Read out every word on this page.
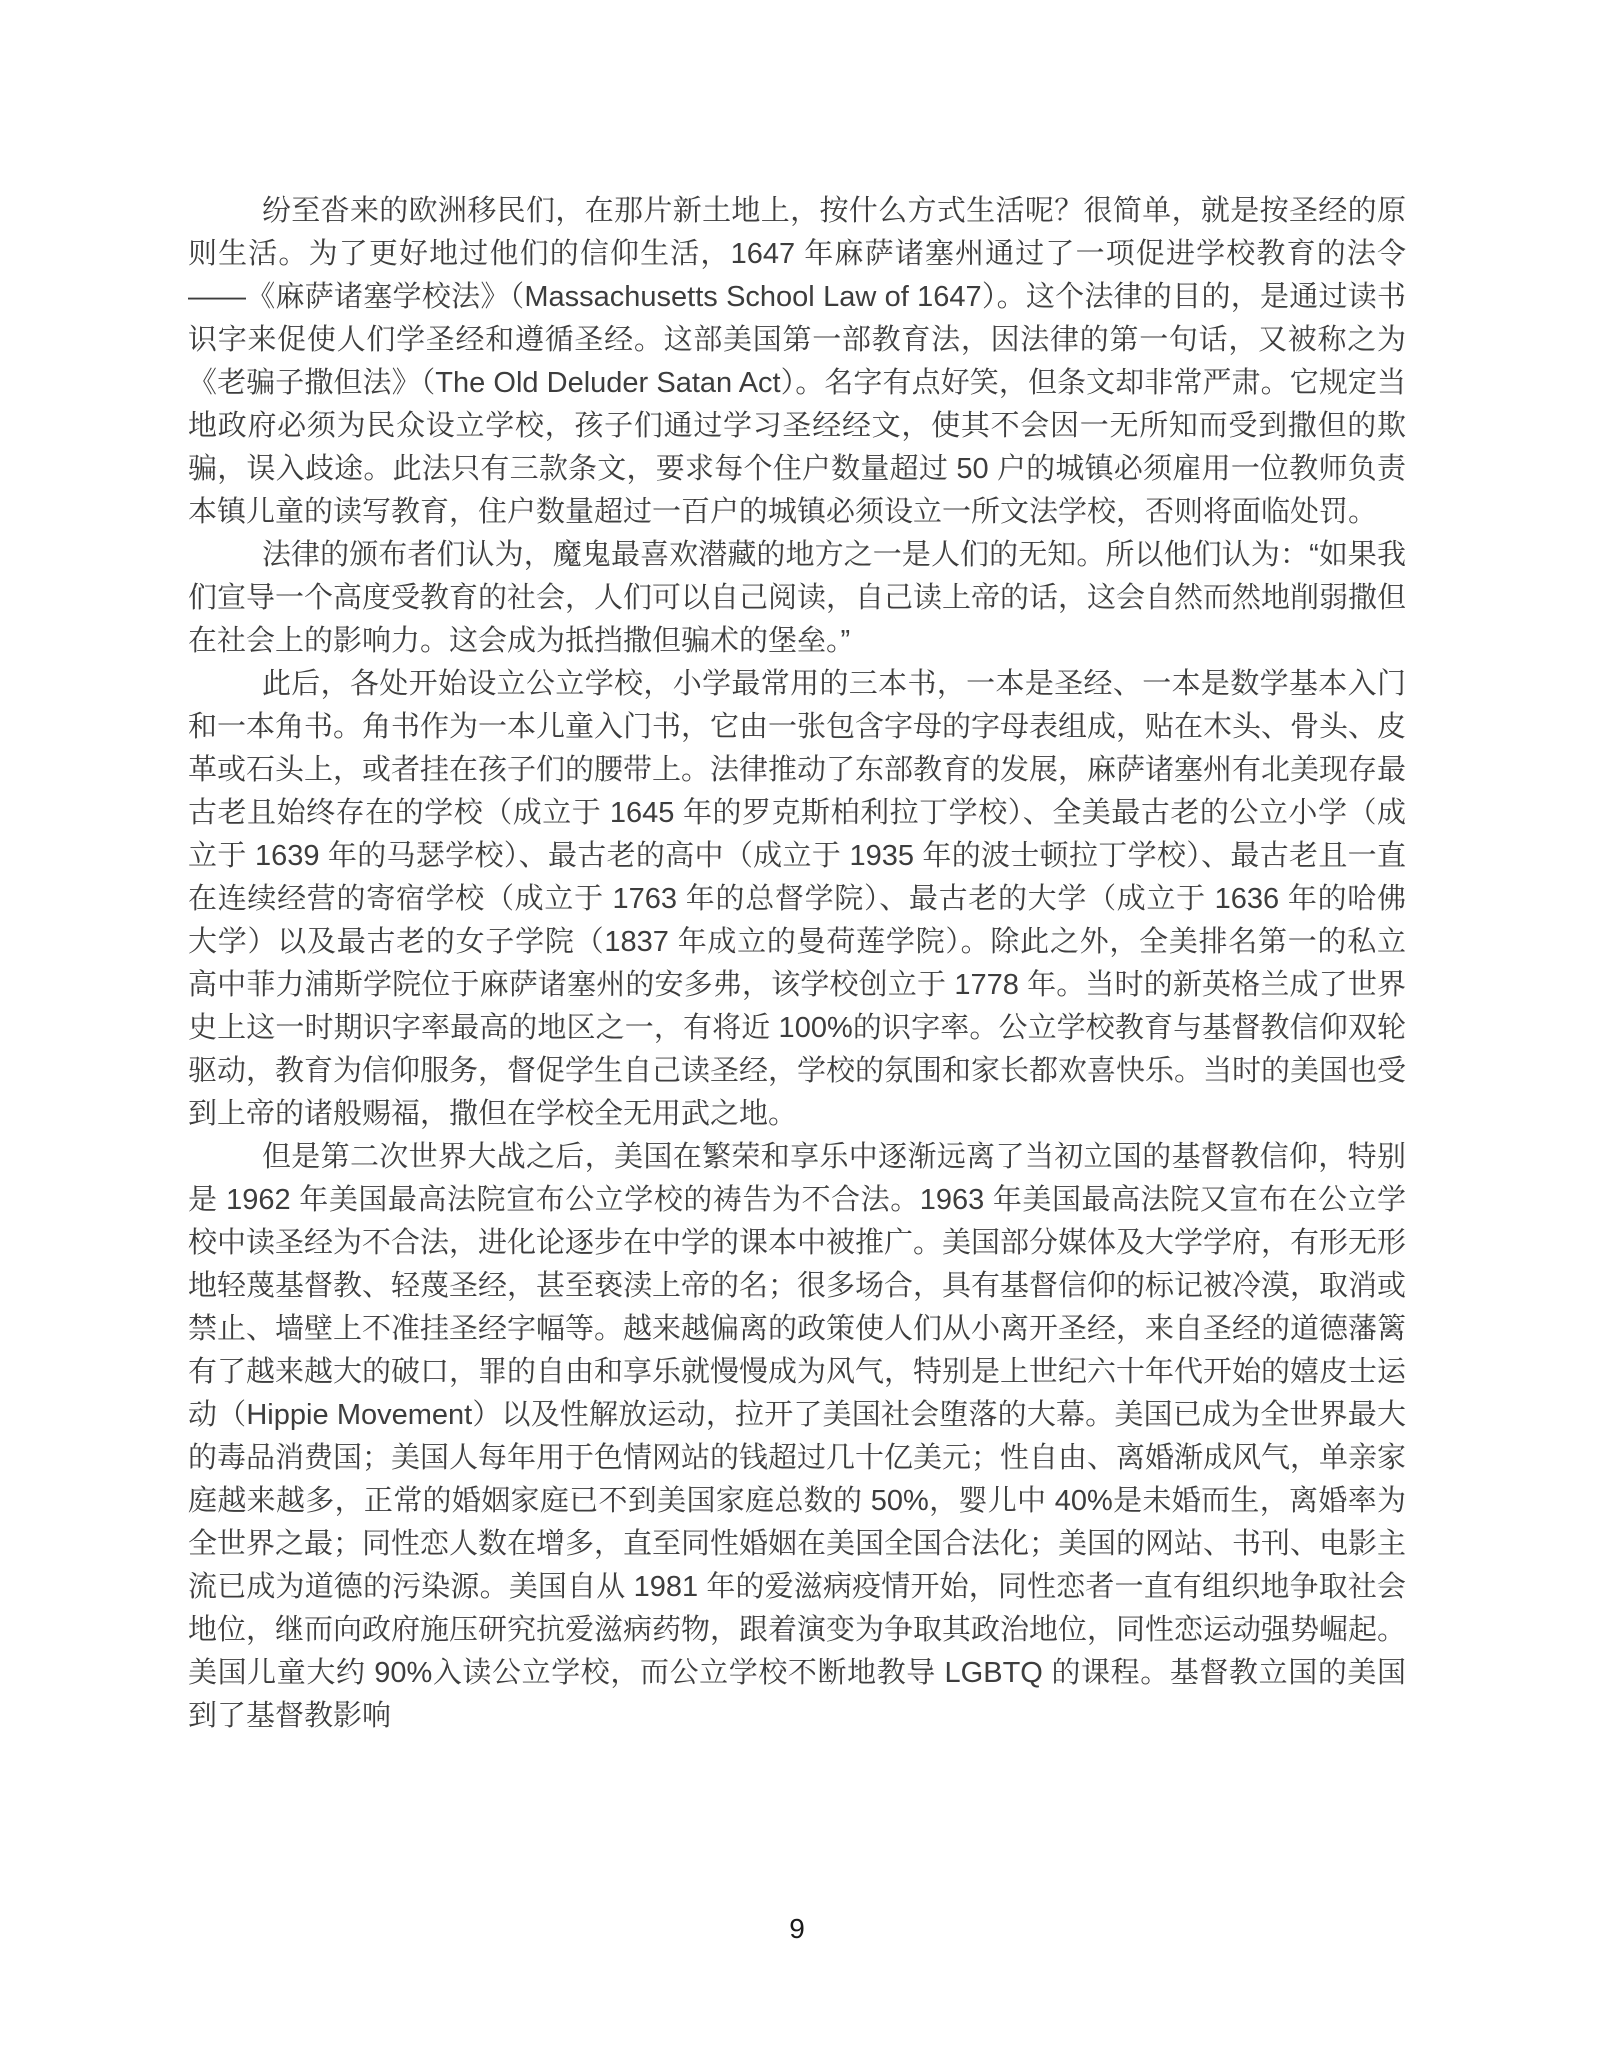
纷至沓来的欧洲移民们，在那片新土地上，按什么方式生活呢？很简单，就是按圣经的原则生活。为了更好地过他们的信仰生活，1647 年麻萨诸塞州通过了一项促进学校教育的法令——《麻萨诸塞学校法》（Massachusetts School Law of 1647）。这个法律的目的，是通过读书识字来促使人们学圣经和遵循圣经。这部美国第一部教育法，因法律的第一句话，又被称之为《老骗子撒但法》（The Old Deluder Satan Act）。名字有点好笑，但条文却非常严肃。它规定当地政府必须为民众设立学校，孩子们通过学习圣经经文，使其不会因一无所知而受到撒但的欺骗，误入歧途。此法只有三款条文，要求每个住户数量超过 50 户的城镇必须雇用一位教师负责本镇儿童的读写教育，住户数量超过一百户的城镇必须设立一所文法学校，否则将面临处罚。

法律的颁布者们认为，魔鬼最喜欢潜藏的地方之一是人们的无知。所以他们认为：“如果我们宣导一个高度受教育的社会，人们可以自己阅读，自己读上帝的话，这会自然而然地削弱撒但在社会上的影响力。这会成为抵挡撒但骗术的堡垒。”

此后，各处开始设立公立学校，小学最常用的三本书，一本是圣经、一本是数学基本入门和一本角书。角书作为一本儿童入门书，它由一张包含字母的字母表组成，贴在木头、骨头、皮革或石头上，或者挂在孩子们的腰带上。法律推动了东部教育的发展，麻萨诸塞州有北美现存最古老且始终存在的学校（成立于 1645 年的罗克斯柏利拉丁学校）、全美最古老的公立小学（成立于 1639 年的马瑟学校）、最古老的高中（成立于 1935 年的波士顿拉丁学校）、最古老且一直在连续经营的寄宿学校（成立于 1763 年的总督学院）、最古老的大学（成立于 1636 年的哈佛大学）以及最古老的女子学院（1837 年成立的曼荷莲学院）。除此之外，全美排名第一的私立高中菲力浦斯学院位于麻萨诸塞州的安多弗，该学校创立于 1778 年。当时的新英格兰成了世界史上这一时期识字率最高的地区之一，有将近 100%的识字率。公立学校教育与基督教信仰双轮驱动，教育为信仰服务，督促学生自己读圣经，学校的氛围和家长都欢喜快乐。当时的美国也受到上帝的诸般赐福，撒但在学校全无用武之地。

但是第二次世界大战之后，美国在繁荣和享乐中逐渐远离了当初立国的基督教信仰，特别是 1962 年美国最高法院宣布公立学校的祷告为不合法。1963 年美国最高法院又宣布在公立学校中读圣经为不合法，进化论逐步在中学的课本中被推广。美国部分媒体及大学学府，有形无形地轻蔑基督教、轻蔑圣经，甚至亵渎上帝的名；很多场合，具有基督信仰的标记被冷漠，取消或禁止、墙壁上不准挂圣经字幅等。越来越偏离的政策使人们从小离开圣经，来自圣经的道德藩篱有了越来越大的破口，罪的自由和享乐就慢慢成为风气，特别是上世纪六十年代开始的嬉皮士运动（Hippie Movement）以及性解放运动，拉开了美国社会堕落的大幕。美国已成为全世界最大的毒品消费国；美国人每年用于色情网站的钱超过几十亿美元；性自由、离婚渐成风气，单亲家庭越来越多，正常的婚姻家庭已不到美国家庭总数的 50%，婴儿中 40%是未婚而生，离婚率为全世界之最；同性恋人数在增多，直至同性婚姻在美国全国合法化；美国的网站、书刊、电影主流已成为道德的污染源。美国自从 1981 年的爱滋病疫情开始，同性恋者一直有组织地争取社会地位，继而向政府施压研究抗爱滋病药物，跟着演变为争取其政治地位，同性恋运动强势崛起。美国儿童大约 90%入读公立学校，而公立学校不断地教导 LGBTQ 的课程。基督教立国的美国到了基督教影响

9
